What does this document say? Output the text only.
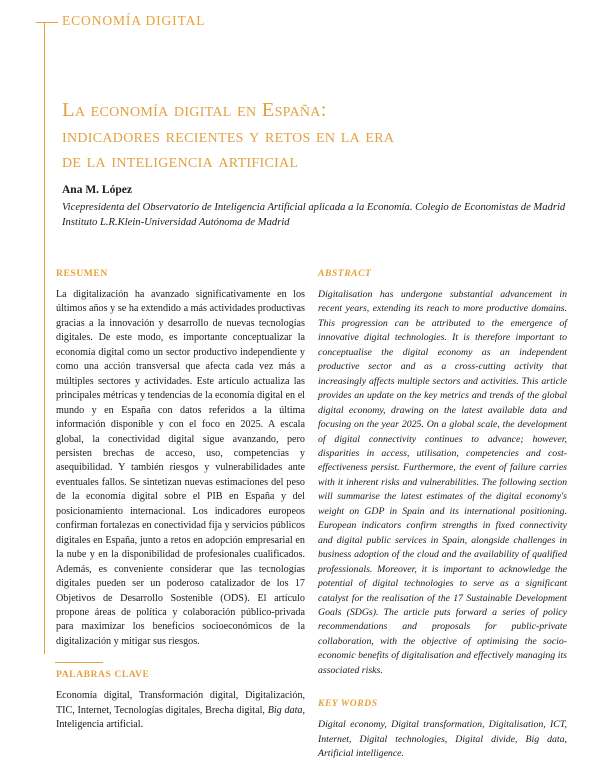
ECONOMÍA DIGITAL
La economía digital en España:
indicadores recientes y retos en la era
de la inteligencia artificial
Ana M. López
Vicepresidenta del Observatorio de Inteligencia Artificial aplicada a la Economía. Colegio de Economistas de Madrid
Instituto L.R.Klein-Universidad Autónoma de Madrid
RESUMEN
La digitalización ha avanzado significativamente en los últimos años y se ha extendido a más actividades productivas gracias a la innovación y desarrollo de nuevas tecnologías digitales. De este modo, es importante conceptualizar la economía digital como un sector productivo independiente y como una acción transversal que afecta cada vez más a múltiples sectores y actividades. Este artículo actualiza las principales métricas y tendencias de la economía digital en el mundo y en España con datos referidos a la última información disponible y con el foco en 2025. A escala global, la conectividad digital sigue avanzando, pero persisten brechas de acceso, uso, competencias y asequibilidad. Y también riesgos y vulnerabilidades ante eventuales fallos. Se sintetizan nuevas estimaciones del peso de la economía digital sobre el PIB en España y del posicionamiento internacional. Los indicadores europeos confirman fortalezas en conectividad fija y servicios públicos digitales en España, junto a retos en adopción empresarial en la nube y en la disponibilidad de profesionales cualificados. Además, es conveniente considerar que las tecnologías digitales pueden ser un poderoso catalizador de los 17 Objetivos de Desarrollo Sostenible (ODS). El artículo propone áreas de política y colaboración público-privada para maximizar los beneficios socioeconómicos de la digitalización y mitigar sus riesgos.
PALABRAS CLAVE
Economía digital, Transformación digital, Digitalización, TIC, Internet, Tecnologías digitales, Brecha digital, Big data, Inteligencia artificial.
ABSTRACT
Digitalisation has undergone substantial advancement in recent years, extending its reach to more productive domains. This progression can be attributed to the emergence of innovative digital technologies. It is therefore important to conceptualise the digital economy as an independent productive sector and as a cross-cutting activity that increasingly affects multiple sectors and activities. This article provides an update on the key metrics and trends of the global digital economy, drawing on the latest available data and focusing on the year 2025. On a global scale, the development of digital connectivity continues to advance; however, disparities in access, utilisation, competencies and cost-effectiveness persist. Furthermore, the event of failure carries with it inherent risks and vulnerabilities. The following section will summarise the latest estimates of the digital economy's weight on GDP in Spain and its international positioning. European indicators confirm strengths in fixed connectivity and digital public services in Spain, alongside challenges in business adoption of the cloud and the availability of qualified professionals. Moreover, it is important to acknowledge the potential of digital technologies to serve as a significant catalyst for the realisation of the 17 Sustainable Development Goals (SDGs). The article puts forward a series of policy recommendations and proposals for public-private collaboration, with the objective of optimising the socio-economic benefits of digitalisation and effectively managing its associated risks.
KEY WORDS
Digital economy, Digital transformation, Digitalisation, ICT, Internet, Digital technologies, Digital divide, Big data, Artificial intelligence.
